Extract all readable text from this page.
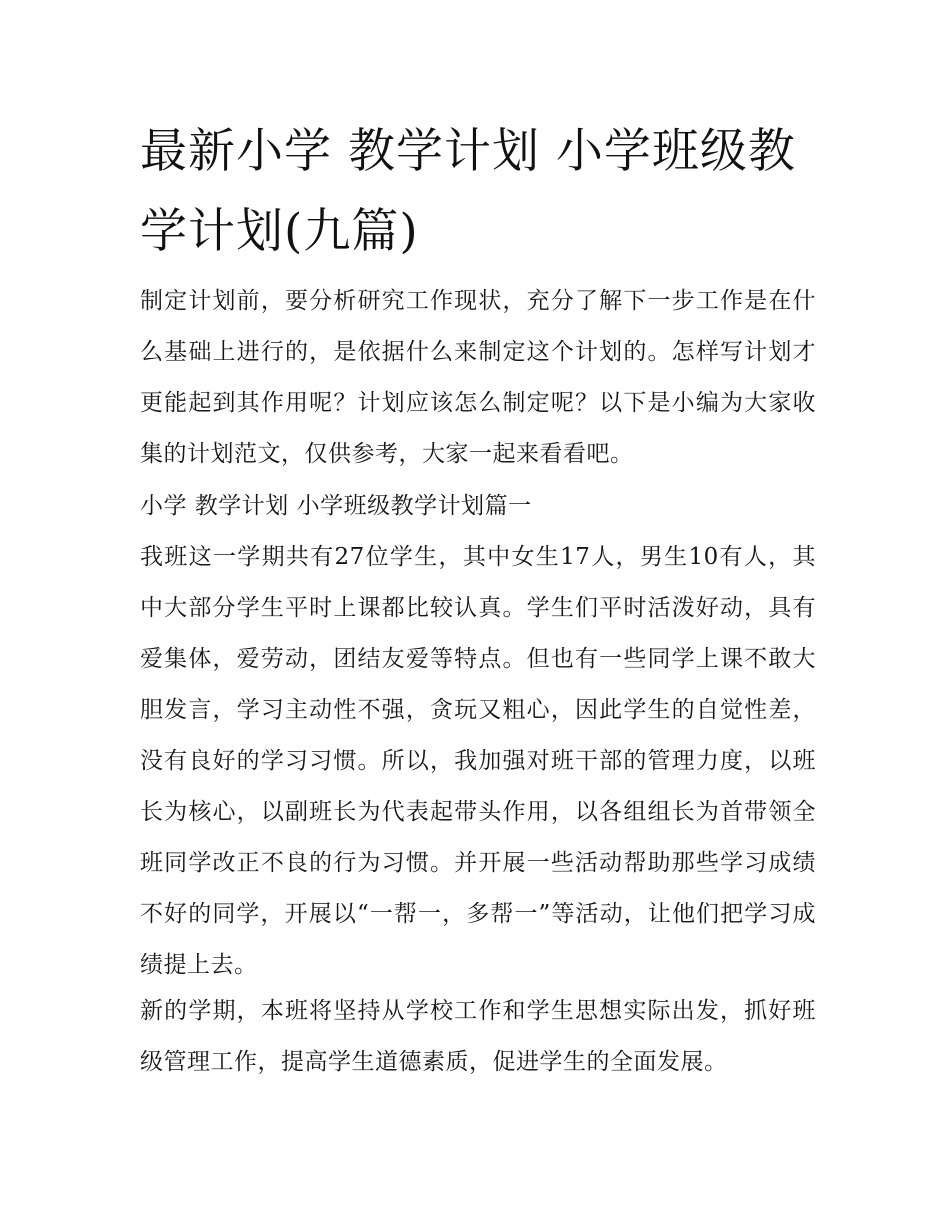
最新小学 教学计划 小学班级教学计划(九篇)

制定计划前，要分析研究工作现状，充分了解下一步工作是在什么基础上进行的，是依据什么来制定这个计划的。怎样写计划才更能起到其作用呢？计划应该怎么制定呢？以下是小编为大家收集的计划范文，仅供参考，大家一起来看看吧。

小学 教学计划 小学班级教学计划篇一

我班这一学期共有27位学生，其中女生17人，男生10有人，其中大部分学生平时上课都比较认真。学生们平时活泼好动，具有爱集体，爱劳动，团结友爱等特点。但也有一些同学上课不敢大胆发言，学习主动性不强，贪玩又粗心，因此学生的自觉性差，没有良好的学习习惯。所以，我加强对班干部的管理力度，以班长为核心，以副班长为代表起带头作用，以各组组长为首带领全班同学改正不良的行为习惯。并开展一些活动帮助那些学习成绩不好的同学，开展以“一帮一，多帮一”等活动，让他们把学习成绩提上去。

新的学期，本班将坚持从学校工作和学生思想实际出发，抓好班级管理工作，提高学生道德素质，促进学生的全面发展。
